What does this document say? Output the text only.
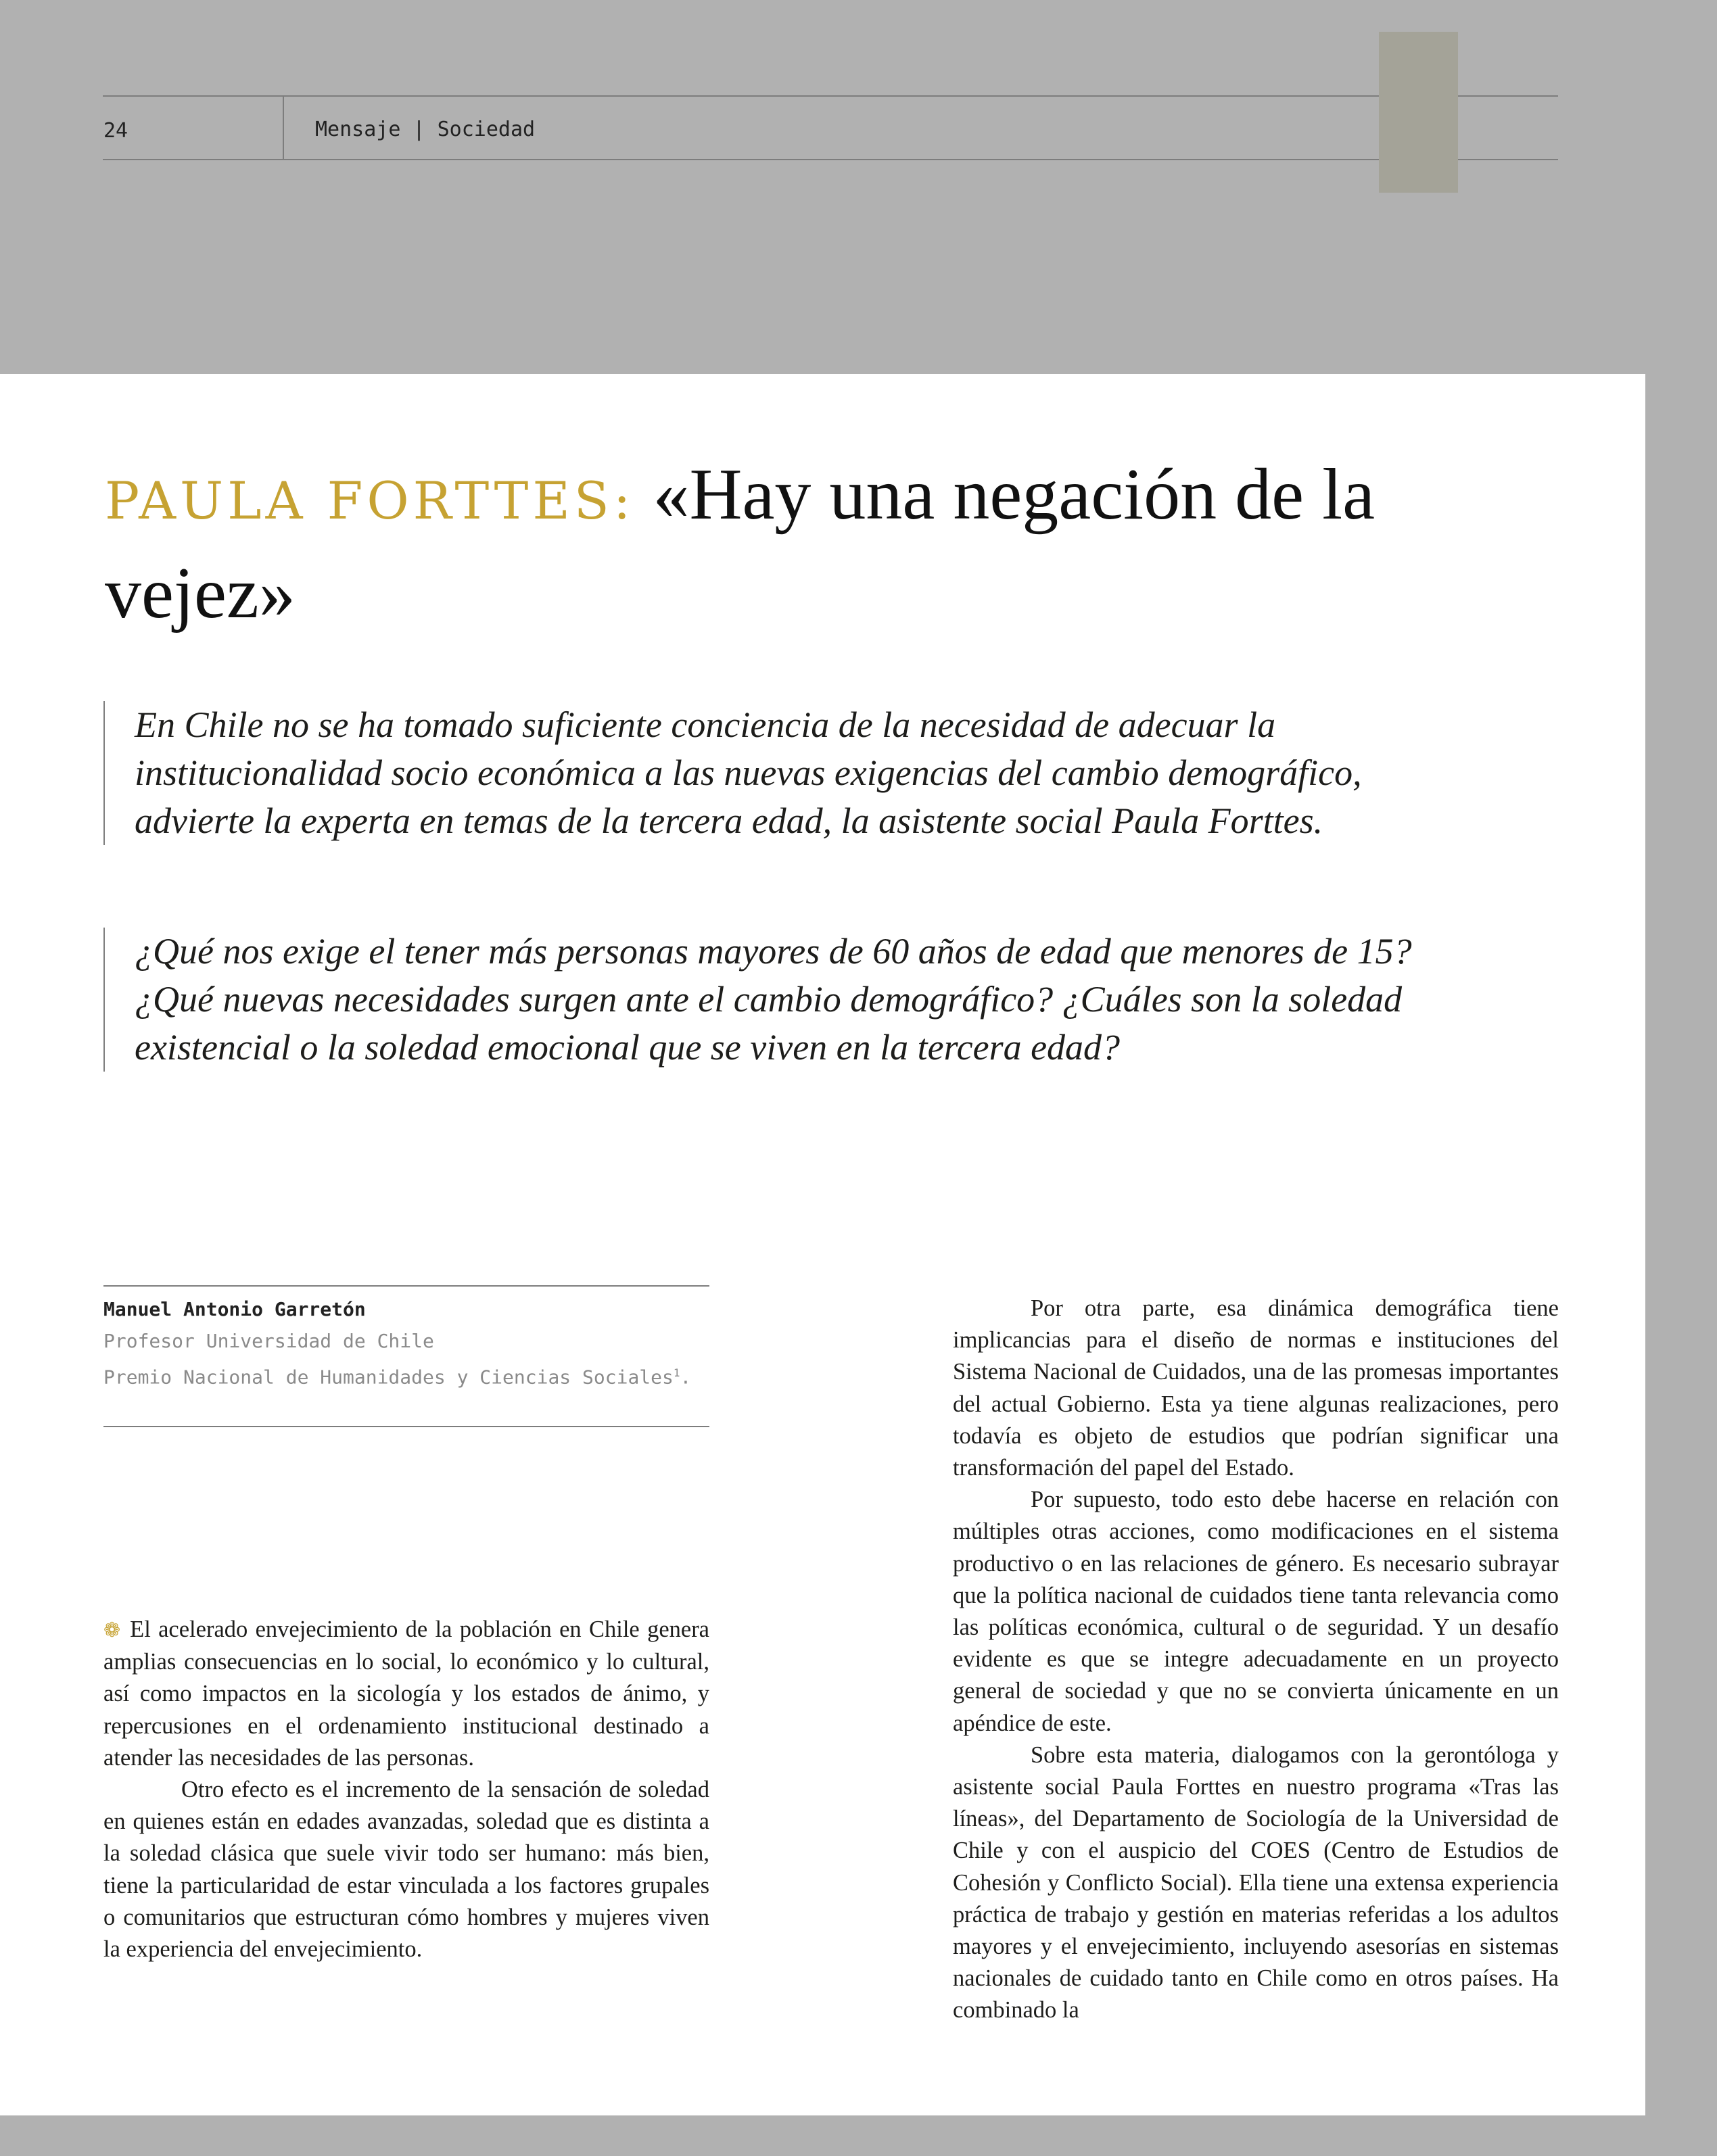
24	Mensaje | Sociedad
PAULA FORTTES: «Hay una negación de la vejez»

En Chile no se ha tomado suficiente conciencia de la necesidad de adecuar la institucionalidad socio económica a las nuevas exigencias del cambio demográfico, advierte la experta en temas de la tercera edad, la asistente social Paula Forttes.

¿Qué nos exige el tener más personas mayores de 60 años de edad que menores de 15? ¿Qué nuevas necesidades surgen ante el cambio demográfico? ¿Cuáles son la soledad existencial o la soledad emocional que se viven en la tercera edad?

Manuel Antonio Garretón
Profesor Universidad de Chile
Premio Nacional de Humanidades y Ciencias Sociales$^1$.

❁ El acelerado envejecimiento de la población en Chile genera amplias consecuencias en lo social, lo económico y lo cultural, así como impactos en la sicología y los estados de ánimo, y repercusiones en el ordenamiento institucional destinado a atender las necesidades de las personas.

Otro efecto es el incremento de la sensación de soledad en quienes están en edades avanzadas, soledad que es distinta a la soledad clásica que suele vivir todo ser humano: más bien, tiene la particularidad de estar vinculada a los factores grupales o comunitarios que estructuran cómo hombres y mujeres viven la experiencia del envejecimiento.

Por otra parte, esa dinámica demográfica tiene implicancias para el diseño de normas e instituciones del Sistema Nacional de Cuidados, una de las promesas importantes del actual Gobierno. Esta ya tiene algunas realizaciones, pero todavía es objeto de estudios que podrían significar una transformación del papel del Estado.

Por supuesto, todo esto debe hacerse en relación con múltiples otras acciones, como modificaciones en el sistema productivo o en las relaciones de género. Es necesario subrayar que la política nacional de cuidados tiene tanta relevancia como las políticas económica, cultural o de seguridad. Y un desafío evidente es que se integre adecuadamente en un proyecto general de sociedad y que no se convierta únicamente en un apéndice de este.

Sobre esta materia, dialogamos con la gerontóloga y asistente social Paula Forttes en nuestro programa «Tras las líneas», del Departamento de Sociología de la Universidad de Chile y con el auspicio del COES (Centro de Estudios de Cohesión y Conflicto Social). Ella tiene una extensa experiencia práctica de trabajo y gestión en materias referidas a los adultos mayores y el envejecimiento, incluyendo asesorías en sistemas nacionales de cuidado tanto en Chile como en otros países. Ha combinado la
